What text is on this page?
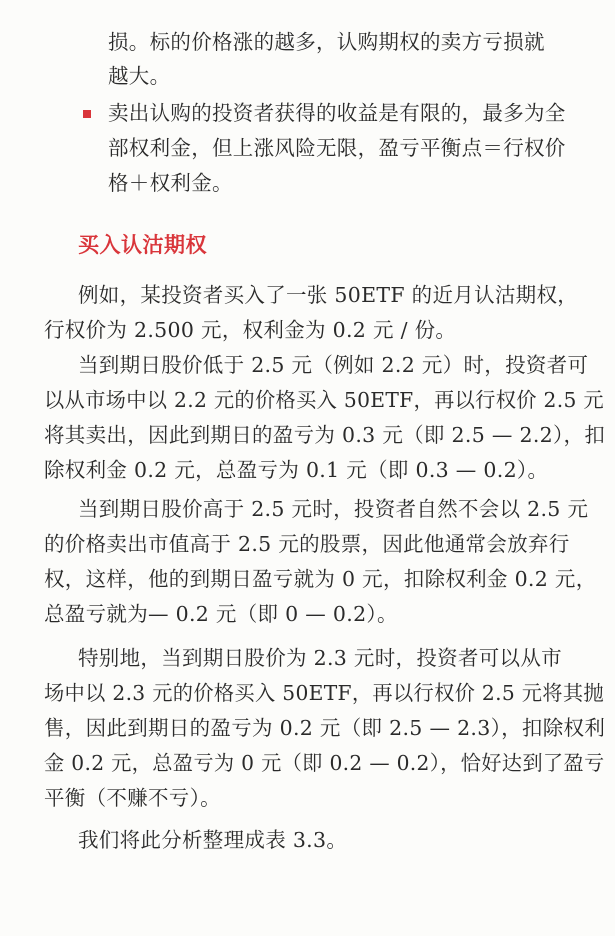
损。标的价格涨的越多，认购期权的卖方亏损就
越大。
卖出认购的投资者获得的收益是有限的，最多为全
部权利金，但上涨风险无限，盈亏平衡点＝行权价
格＋权利金。
买入认沽期权
例如，某投资者买入了一张 50ETF 的近月认沽期权，
行权价为 2.500 元，权利金为 0.2 元 / 份。
当到期日股价低于 2.5 元（例如 2.2 元）时，投资者可
以从市场中以 2.2 元的价格买入 50ETF，再以行权价 2.5 元
将其卖出，因此到期日的盈亏为 0.3 元（即 2.5 — 2.2），扣
除权利金 0.2 元，总盈亏为 0.1 元（即 0.3 — 0.2）。
当到期日股价高于 2.5 元时，投资者自然不会以 2.5 元
的价格卖出市值高于 2.5 元的股票，因此他通常会放弃行
权，这样，他的到期日盈亏就为 0 元，扣除权利金 0.2 元，
总盈亏就为— 0.2 元（即 0 — 0.2）。
特别地，当到期日股价为 2.3 元时，投资者可以从市
场中以 2.3 元的价格买入 50ETF，再以行权价 2.5 元将其抛
售，因此到期日的盈亏为 0.2 元（即 2.5 — 2.3），扣除权利
金 0.2 元，总盈亏为 0 元（即 0.2 — 0.2），恰好达到了盈亏
平衡（不赚不亏）。
我们将此分析整理成表 3.3。
